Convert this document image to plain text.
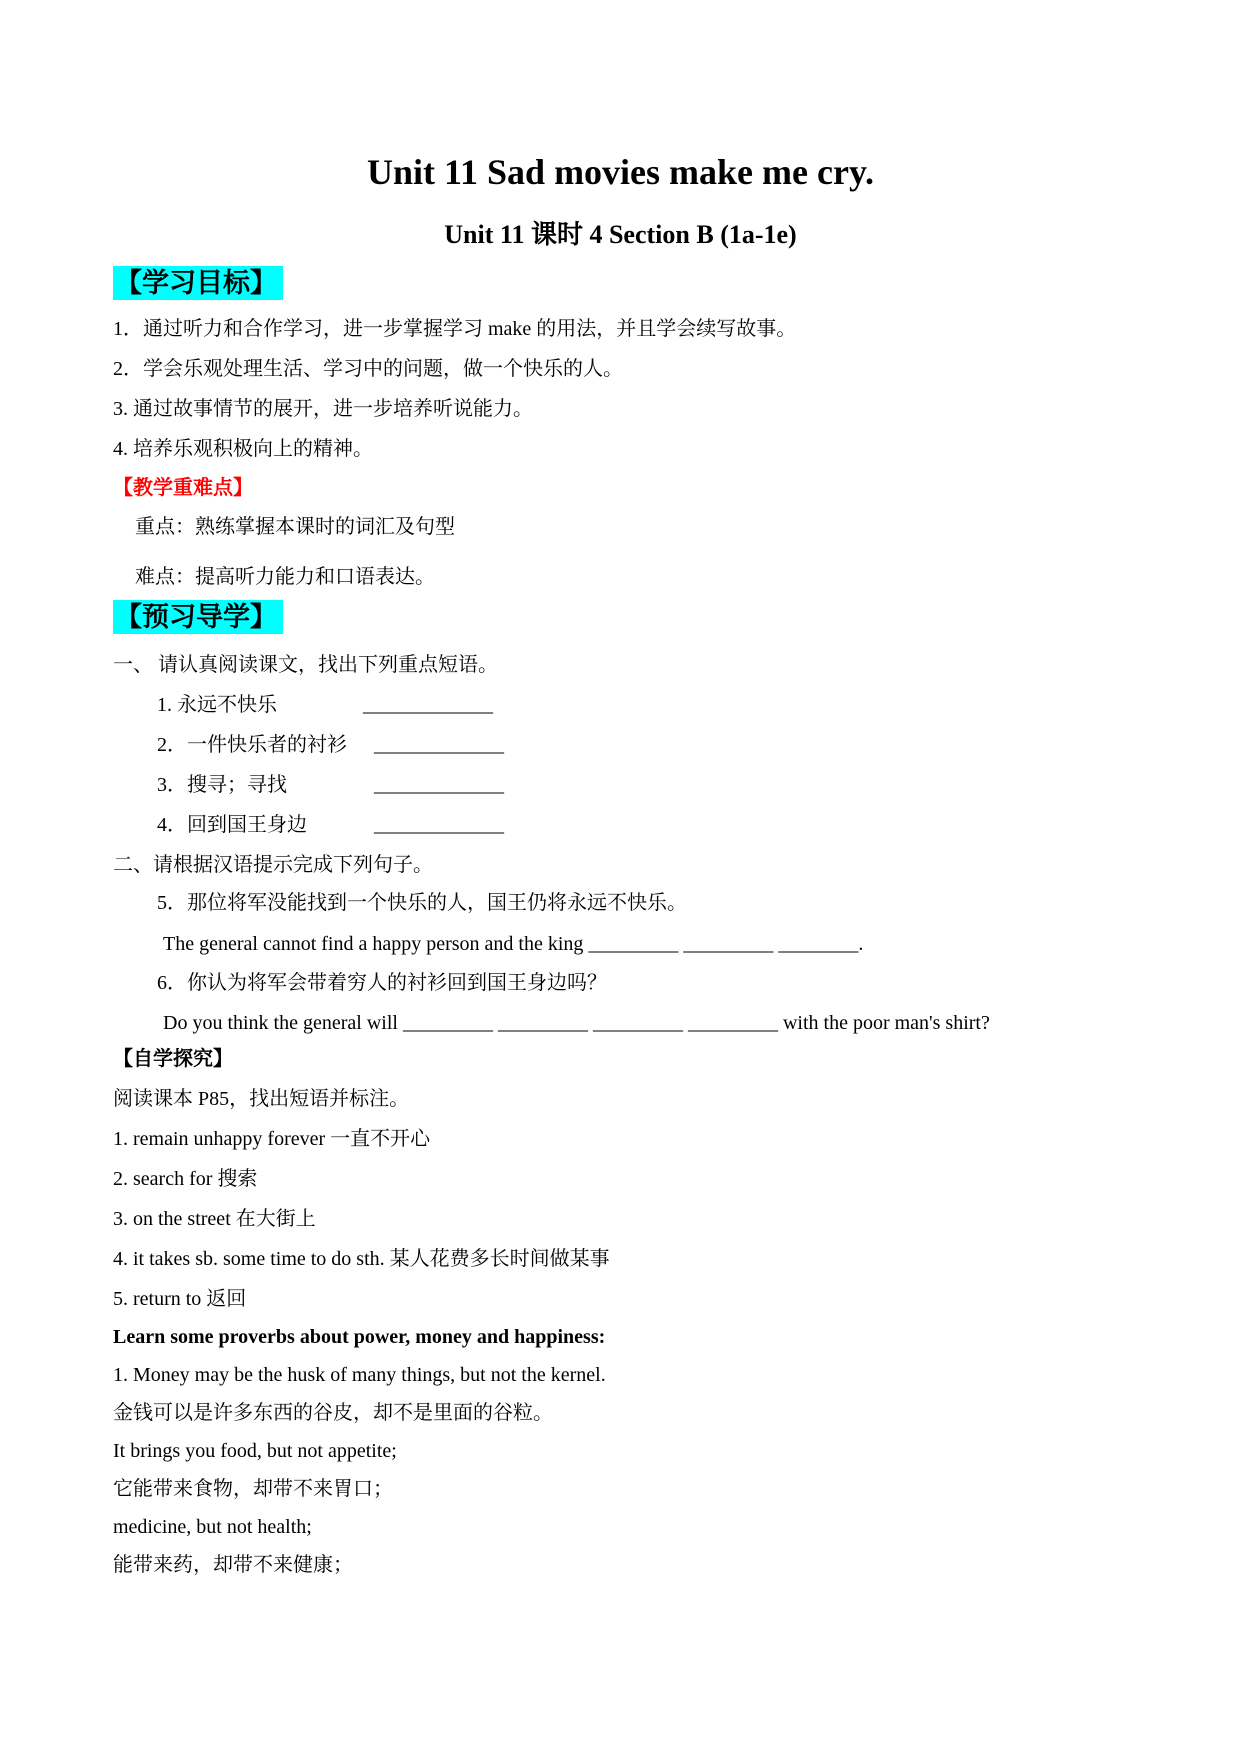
Unit 11 Sad movies make me cry.
Unit 11 课时 4 Section B (1a-1e)
【学习目标】
1．通过听力和合作学习，进一步掌握学习 make 的用法，并且学会续写故事。
2．学会乐观处理生活、学习中的问题，做一个快乐的人。
3. 通过故事情节的展开，进一步培养听说能力。
4. 培养乐观积极向上的精神。
【教学重难点】
重点：熟练掌握本课时的词汇及句型
难点：提高听力能力和口语表达。
【预习导学】
一、 请认真阅读课文，找出下列重点短语。
1. 永远不快乐	_____________
2．一件快乐者的衬衫 _____________
3．搜寻；寻找	_____________
4．回到国王身边	_____________
二、请根据汉语提示完成下列句子。
5．那位将军没能找到一个快乐的人，国王仍将永远不快乐。
The general cannot find a happy person and the king _________ _________ ________.
6．你认为将军会带着穷人的衬衫回到国王身边吗？
Do you think the general will _________ _________ _________ _________ with the poor man's shirt?
【自学探究】
阅读课本 P85，找出短语并标注。
1. remain unhappy forever 一直不开心
2. search for 搜索
3. on the street 在大街上
4. it takes sb. some time to do sth. 某人花费多长时间做某事
5. return to 返回
Learn some proverbs about power, money and happiness:
1. Money may be the husk of many things, but not the kernel.
金钱可以是许多东西的谷皮，却不是里面的谷粒。
It brings you food, but not appetite;
它能带来食物，却带不来胃口；
medicine, but not health;
能带来药，却带不来健康；
